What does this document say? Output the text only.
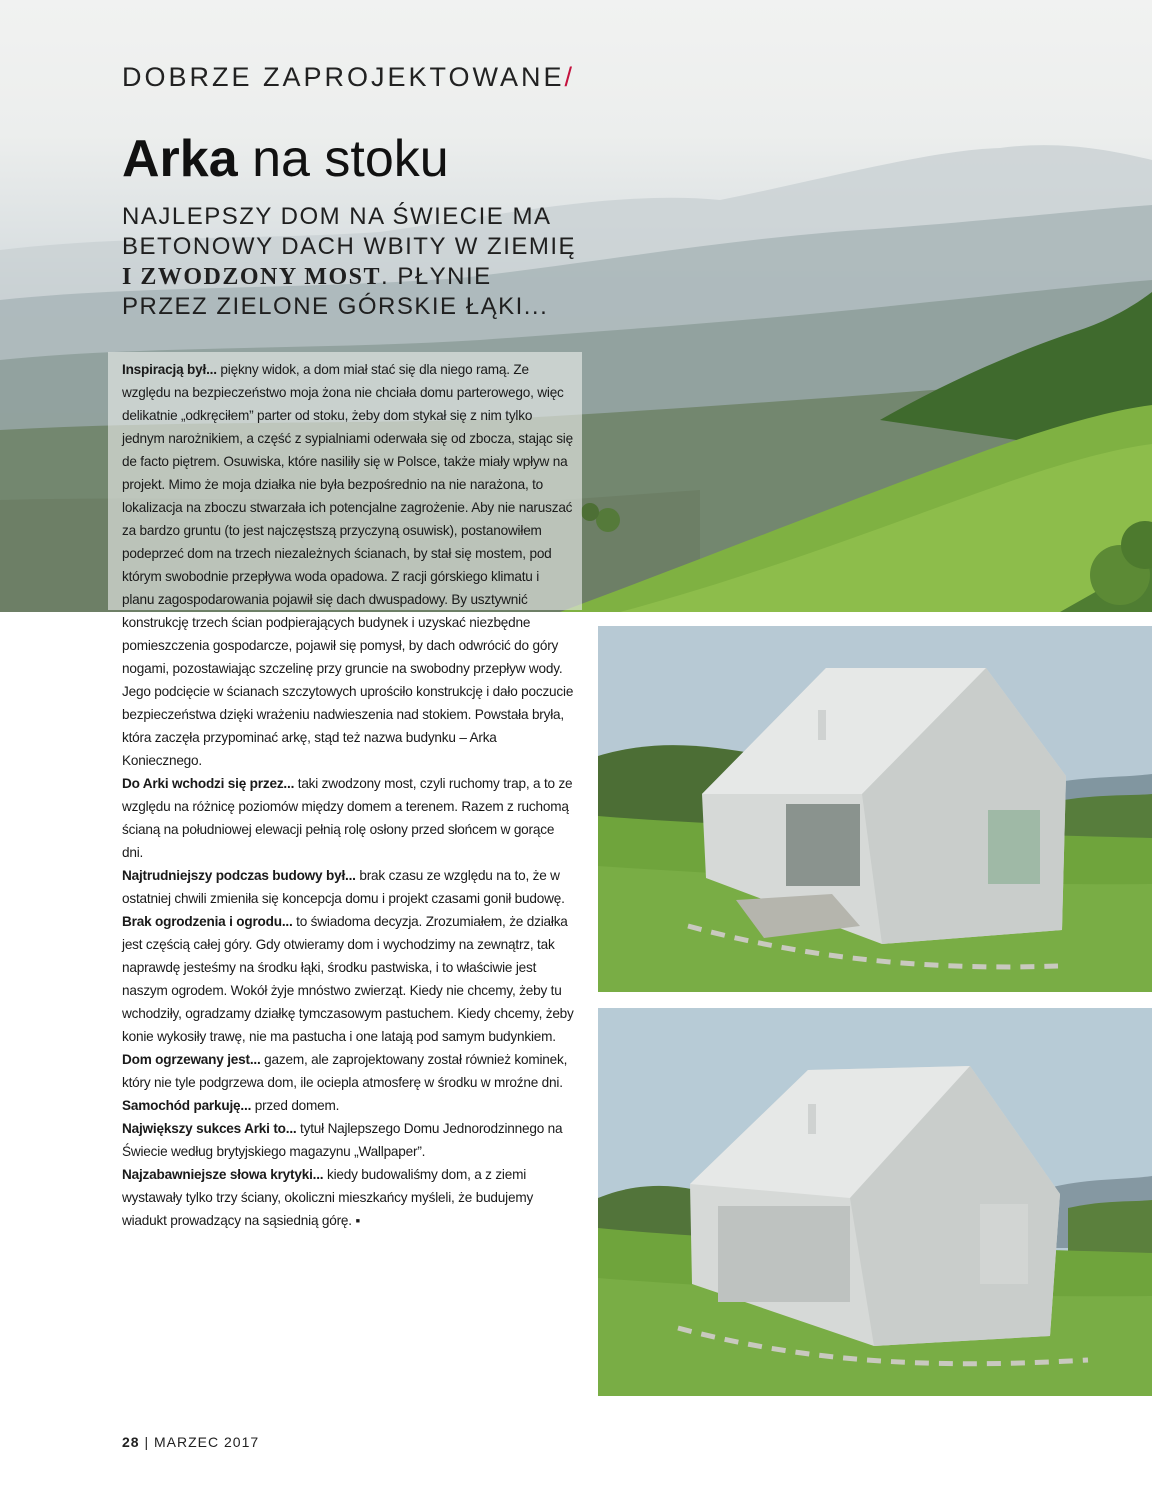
DOBRZE ZAPROJEKTOWANE/
Arka na stoku

NAJLEPSZY DOM NA ŚWIECIE MA BETONOWY DACH WBITY W ZIEMIĘ I ZWODZONY MOST. PŁYNIE PRZEZ ZIELONE GÓRSKIE ŁĄKI...

Inspiracją był... piękny widok, a dom miał stać się dla niego ramą. Ze względu na bezpieczeństwo moja żona nie chciała domu parterowego, więc delikatnie „odkręciłem” parter od stoku, żeby dom stykał się z nim tylko jednym narożnikiem, a część z sypialniami oderwała się od zbocza, stając się de facto piętrem. Osuwiska, które nasiliły się w Polsce, także miały wpływ na projekt. Mimo że moja działka nie była bezpośrednio na nie narażona, to lokalizacja na zboczu stwarzała ich potencjalne zagrożenie. Aby nie naruszać za bardzo gruntu (to jest najczęstszą przyczyną osuwisk), postanowiłem podeprzeć dom na trzech niezależnych ścianach, by stał się mostem, pod którym swobodnie przepływa woda opadowa. Z racji górskiego klimatu i planu zagospodarowania pojawił się dach dwuspadowy. By usztywnić konstrukcję trzech ścian podpierających budynek i uzyskać niezbędne pomieszczenia gospodarcze, pojawił się pomysł, by dach odwrócić do góry nogami, pozostawiając szczelinę przy gruncie na swobodny przepływ wody. Jego podcięcie w ścianach szczytowych uprościło konstrukcję i dało poczucie bezpieczeństwa dzięki wrażeniu nadwieszenia nad stokiem. Powstała bryła, która zaczęła przypominać arkę, stąd też nazwa budynku – Arka Koniecznego.

Do Arki wchodzi się przez... taki zwodzony most, czyli ruchomy trap, a to ze względu na różnicę poziomów między domem a terenem. Razem z ruchomą ścianą na południowej elewacji pełnią rolę osłony przed słońcem w gorące dni.

Najtrudniejszy podczas budowy był... brak czasu ze względu na to, że w ostatniej chwili zmieniła się koncepcja domu i projekt czasami gonił budowę.

Brak ogrodzenia i ogrodu... to świadoma decyzja. Zrozumiałem, że działka jest częścią całej góry. Gdy otwieramy dom i wychodzimy na zewnątrz, tak naprawdę jesteśmy na środku łąki, środku pastwiska, i to właściwie jest naszym ogrodem. Wokół żyje mnóstwo zwierząt. Kiedy nie chcemy, żeby tu wchodziły, ogradzamy działkę tymczasowym pastuchem. Kiedy chcemy, żeby konie wykosiły trawę, nie ma pastucha i one latają pod samym budynkiem.

Dom ogrzewany jest... gazem, ale zaprojektowany został również kominek, który nie tyle podgrzewa dom, ile ociepla atmosferę w środku w mroźne dni.

Samochód parkuję... przed domem.

Największy sukces Arki to... tytuł Najlepszego Domu Jednorodzinnego na Świecie według brytyjskiego magazynu „Wallpaper”.

Najzabawniejsze słowa krytyki... kiedy budowaliśmy dom, a z ziemi wystawały tylko trzy ściany, okoliczni mieszkańcy myśleli, że budujemy wiadukt prowadzący na sąsiednią górę. ▪

28 | MARZEC 2017
